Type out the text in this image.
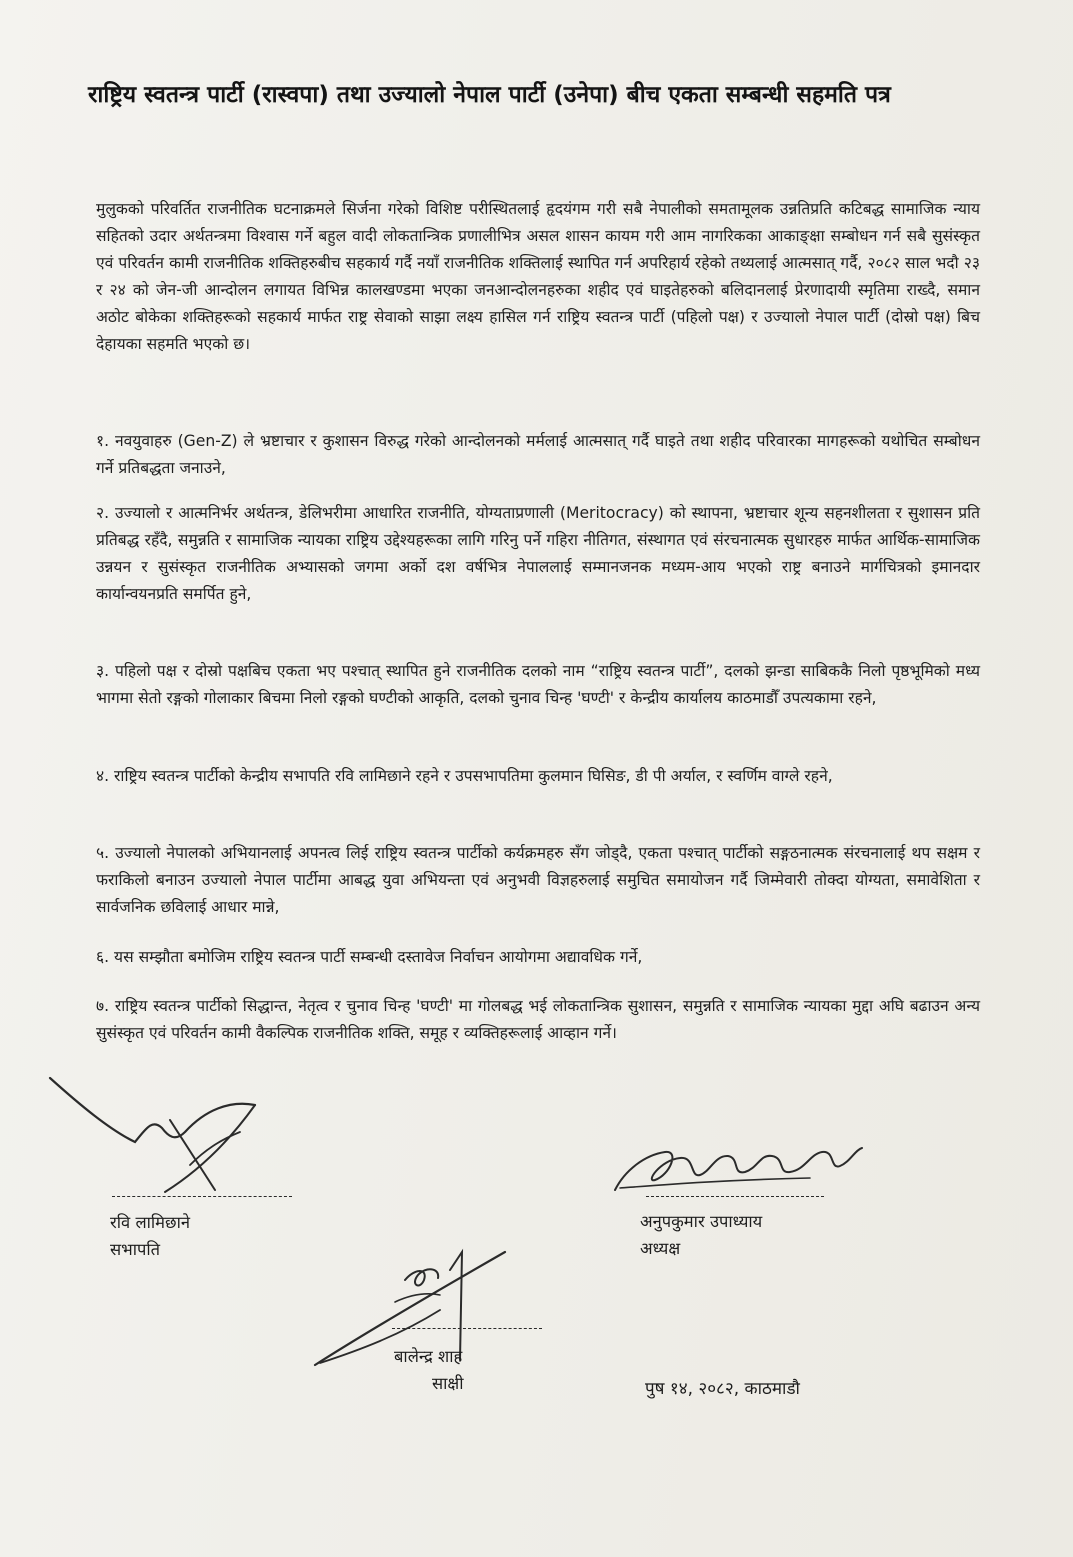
राष्ट्रिय स्वतन्त्र पार्टी (रास्वपा) तथा उज्यालो नेपाल पार्टी (उनेपा) बीच एकता सम्बन्धी सहमति पत्र

मुलुकको परिवर्तित राजनीतिक घटनाक्रमले सिर्जना गरेको विशिष्ट परीस्थितलाई हृदयंगम गरी सबै नेपालीको समतामूलक उन्नतिप्रति कटिबद्ध सामाजिक न्याय सहितको उदार अर्थतन्त्रमा विश्वास गर्ने बहुल वादी लोकतान्त्रिक प्रणालीभित्र असल शासन कायम गरी आम नागरिकका आकाङ्क्षा सम्बोधन गर्न सबै सुसंस्कृत एवं परिवर्तन कामी राजनीतिक शक्तिहरुबीच सहकार्य गर्दै नयाँ राजनीतिक शक्तिलाई स्थापित गर्न अपरिहार्य रहेको तथ्यलाई आत्मसात् गर्दै, २०८२ साल भदौ २३ र २४ को जेन-जी आन्दोलन लगायत विभिन्न कालखण्डमा भएका जनआन्दोलनहरुका शहीद एवं घाइतेहरुको बलिदानलाई प्रेरणादायी स्मृतिमा राख्दै, समान अठोट बोकेका शक्तिहरूको सहकार्य मार्फत राष्ट्र सेवाको साझा लक्ष्य हासिल गर्न राष्ट्रिय स्वतन्त्र पार्टी (पहिलो पक्ष) र उज्यालो नेपाल पार्टी (दोस्रो पक्ष) बिच देहायका सहमति भएको छ।

१. नवयुवाहरु (Gen-Z) ले भ्रष्टाचार र कुशासन विरुद्ध गरेको आन्दोलनको मर्मलाई आत्मसात् गर्दै घाइते तथा शहीद परिवारका मागहरूको यथोचित सम्बोधन गर्ने प्रतिबद्धता जनाउने,

२. उज्यालो र आत्मनिर्भर अर्थतन्त्र, डेलिभरीमा आधारित राजनीति, योग्यताप्रणाली (Meritocracy) को स्थापना, भ्रष्टाचार शून्य सहनशीलता र सुशासन प्रति प्रतिबद्ध रहँदै, समुन्नति र सामाजिक न्यायका राष्ट्रिय उद्देश्यहरूका लागि गरिनु पर्ने गहिरा नीतिगत, संस्थागत एवं संरचनात्मक सुधारहरु मार्फत आर्थिक-सामाजिक उन्नयन र सुसंस्कृत राजनीतिक अभ्यासको जगमा अर्को दश वर्षभित्र नेपाललाई सम्मानजनक मध्यम-आय भएको राष्ट्र बनाउने मार्गचित्रको इमानदार कार्यान्वयनप्रति समर्पित हुने,

३. पहिलो पक्ष र दोस्रो पक्षबिच एकता भए पश्चात् स्थापित हुने राजनीतिक दलको नाम “राष्ट्रिय स्वतन्त्र पार्टी”, दलको झन्डा साबिककै निलो पृष्ठभूमिको मध्य भागमा सेतो रङ्गको गोलाकार बिचमा निलो रङ्गको घण्टीको आकृति, दलको चुनाव चिन्ह 'घण्टी' र केन्द्रीय कार्यालय काठमाडौँ उपत्यकामा रहने,

४. राष्ट्रिय स्वतन्त्र पार्टीको केन्द्रीय सभापति रवि लामिछाने रहने र उपसभापतिमा कुलमान घिसिङ, डी पी अर्याल, र स्वर्णिम वाग्ले रहने,

५. उज्यालो नेपालको अभियानलाई अपनत्व लिई राष्ट्रिय स्वतन्त्र पार्टीको कर्यक्रमहरु सँग जोड्दै, एकता पश्चात् पार्टीको सङ्गठनात्मक संरचनालाई थप सक्षम र फराकिलो बनाउन उज्यालो नेपाल पार्टीमा आबद्ध युवा अभियन्ता एवं अनुभवी विज्ञहरुलाई समुचित समायोजन गर्दै जिम्मेवारी तोक्दा योग्यता, समावेशिता र सार्वजनिक छविलाई आधार मान्ने,

६. यस सम्झौता बमोजिम राष्ट्रिय स्वतन्त्र पार्टी सम्बन्धी दस्तावेज निर्वाचन आयोगमा अद्यावधिक गर्ने,

७. राष्ट्रिय स्वतन्त्र पार्टीको सिद्धान्त, नेतृत्व र चुनाव चिन्ह 'घण्टी' मा गोलबद्ध भई लोकतान्त्रिक सुशासन, समुन्नति र सामाजिक न्यायका मुद्दा अघि बढाउन अन्य सुसंस्कृत एवं परिवर्तन कामी वैकल्पिक राजनीतिक शक्ति, समूह र व्यक्तिहरूलाई आव्हान गर्ने।

रवि लामिछाने
सभापति
अनुपकुमार उपाध्याय
अध्यक्ष
बालेन्द्र शाह
साक्षी	पुष १४, २०८२, काठमाडौ
